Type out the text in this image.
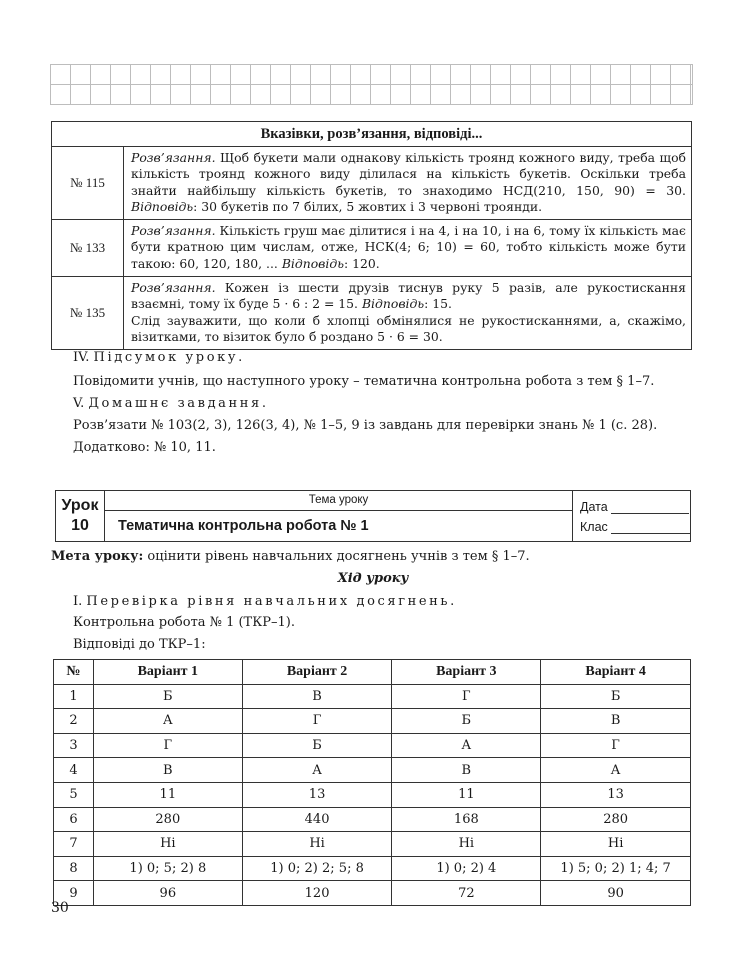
Вказівки, розв’язання, відповіді...	
№ 115	Розв’язання. Щоб букети мали однакову кількість троянд кожного виду, треба щоб кількість троянд кожного виду ділилася на кількість букетів. Оскільки треба знайти найбільшу кількість букетів, то знаходимо НСД(210, 150, 90) = 30. Відповідь: 30 букетів по 7 білих, 5 жовтих і 3 червоні троянди.
№ 133	Розв’язання. Кількість груш має ділитися і на 4, і на 10, і на 6, тому їх кількість має бути кратною цим числам, отже, НСК(4; 6; 10) = 60, тобто кількість може бути такою: 60, 120, 180, ... Відповідь: 120.
№ 135	Розв’язання. Кожен із шести друзів тиснув руку 5 разів, але рукостискання взаємні, тому їх буде 5 · 6 : 2 = 15. Відповідь: 15.
Слід зауважити, що коли б хлопці обмінялися не рукостисканнями, а, скажімо, візитками, то візиток було б роздано 5 · 6 = 30.
IV. Підсумок уроку.
Повідомити учнів, що наступного уроку – тематична контрольна робота з тем § 1–7.
V. Домашнє завдання.
Розв’язати № 103(2, 3), 126(3, 4), № 1–5, 9 із завдань для перевірки знань № 1 (с. 28).
Додатково: № 10, 11.
Урок
10
Тема уроку
Тематична контрольна робота № 1
Дата
Клас
Мета уроку: оцінити рівень навчальних досягнень учнів з тем § 1–7.
Хід уроку
I. Перевірка рівня навчальних досягнень.
Контрольна робота № 1 (ТКР–1).
Відповіді до ТКР–1:
№	Варіант 1	Варіант 2	Варіант 3	Варіант 4
1	Б	В	Г	Б
2	А	Г	Б	В
3	Г	Б	А	Г
4	В	А	В	А
5	11	13	11	13
6	280	440	168	280
7	Ні	Ні	Ні	Ні
8	1) 0; 5; 2) 8	1) 0; 2) 2; 5; 8	1) 0; 2) 4	1) 5; 0; 2) 1; 4; 7
9	96	120	72	90
30
